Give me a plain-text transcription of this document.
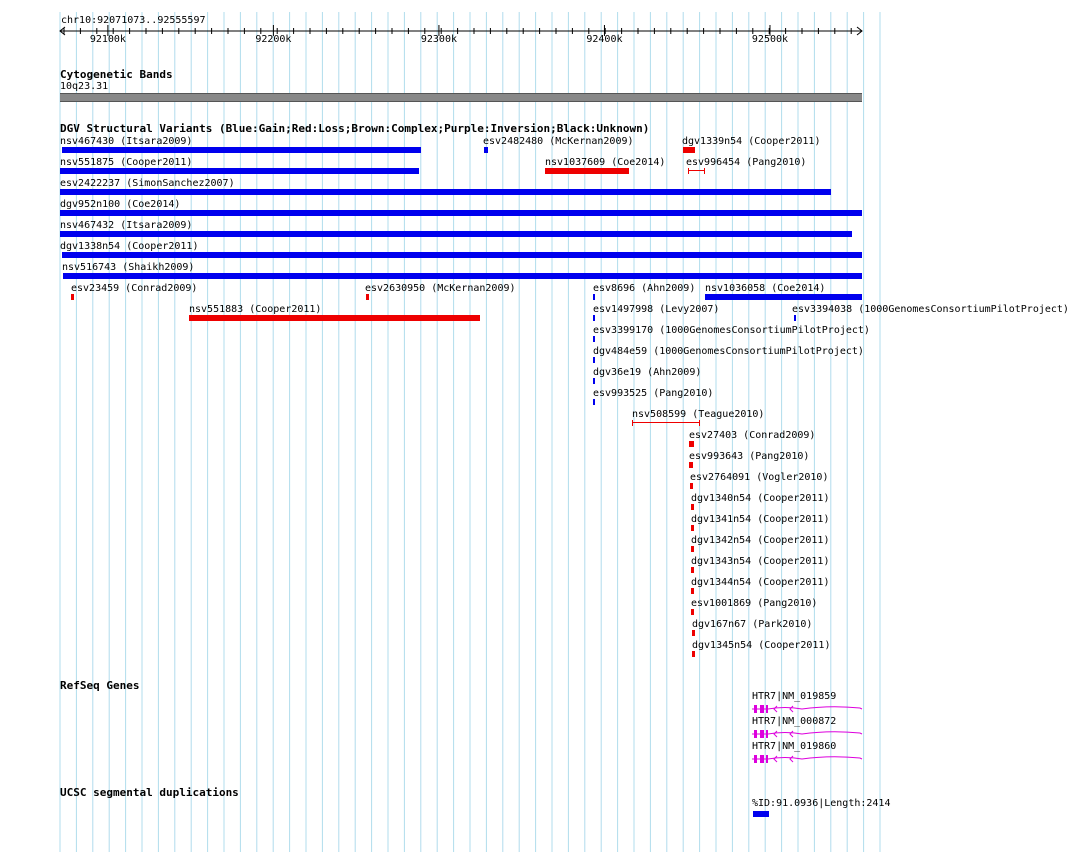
chr10:92071073..92555597
92100k	92200k	92300k	92400k	92500k
Cytogenetic Bands
10q23.31
DGV Structural Variants (Blue:Gain;Red:Loss;Brown:Complex;Purple:Inversion;Black:Unknown)
nsv467430 (Itsara2009)	esv2482480 (McKernan2009)	dgv1339n54 (Cooper2011)
nsv551875 (Cooper2011)	nsv1037609 (Coe2014) esv996454 (Pang2010)
esv2422237 (SimonSanchez2007)
dgv952n100 (Coe2014)
nsv467432 (Itsara2009)
dgv1338n54 (Cooper2011)
nsv516743 (Shaikh2009)
esv23459 (Conrad2009)	esv2630950 (McKernan2009)	esv8696 (Ahn2009) nsv1036058 (Coe2014)
nsv551883 (Cooper2011)	esv1497998 (Levy2007)	esv3394038 (1000GenomesConsortiumPilotProject)
esv3399170 (1000GenomesConsortiumPilotProject)
dgv484e59 (1000GenomesConsortiumPilotProject)
dgv36e19 (Ahn2009)
esv993525 (Pang2010)
nsv508599 (Teague2010)
esv27403 (Conrad2009)
esv993643 (Pang2010)
esv2764091 (Vogler2010)
dgv1340n54 (Cooper2011)
dgv1341n54 (Cooper2011)
dgv1342n54 (Cooper2011)
dgv1343n54 (Cooper2011)
dgv1344n54 (Cooper2011)
esv1001869 (Pang2010)
dgv167n67 (Park2010)
dgv1345n54 (Cooper2011)
RefSeq Genes
HTR7|NM_019859
HTR7|NM_000872
HTR7|NM_019860
UCSC segmental duplications
%ID:91.0936|Length:2414
